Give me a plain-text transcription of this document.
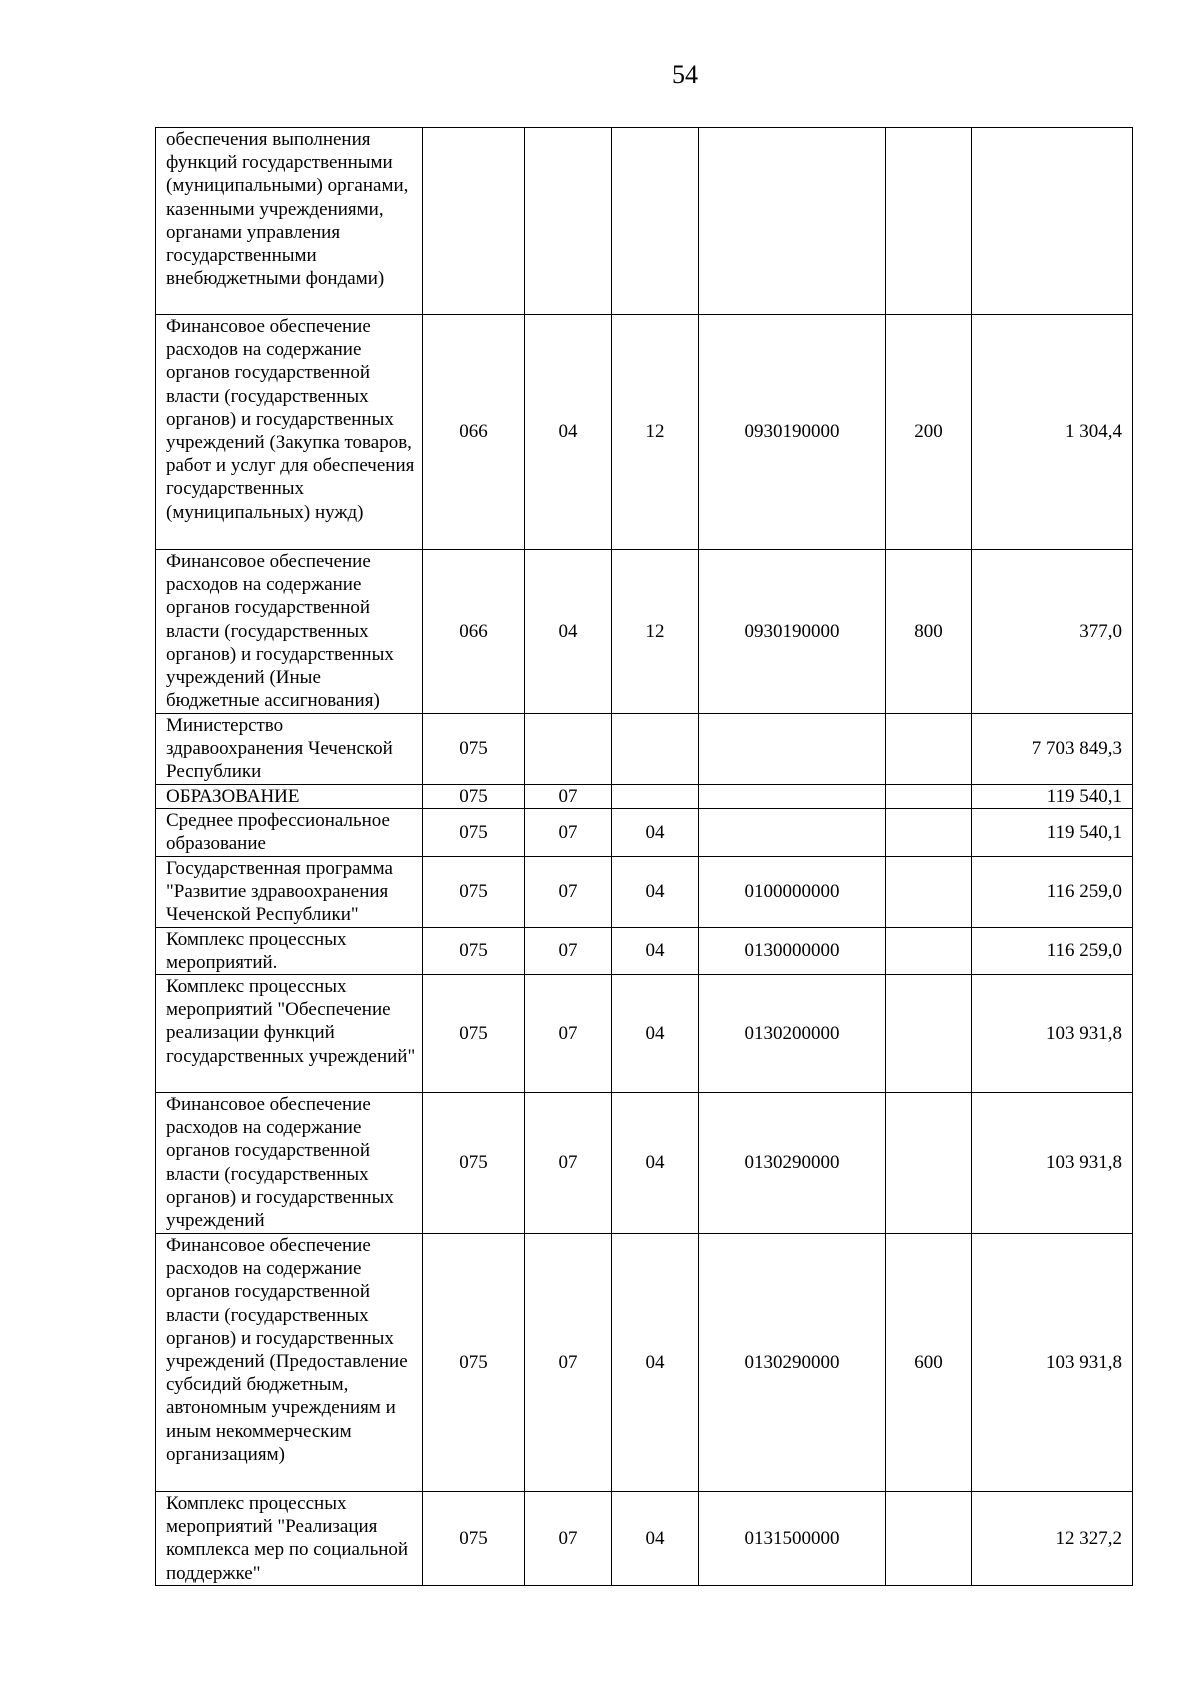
54
обеспечения выполнения функций государственными (муниципальными) органами, казенными учреждениями, органами управления государственными внебюджетными фондами)						
Финансовое обеспечение расходов на содержание органов государственной власти (государственных органов) и государственных учреждений (Закупка товаров, работ и услуг для обеспечения государственных (муниципальных) нужд)	066	04	12	0930190000	200	1 304,4
Финансовое обеспечение расходов на содержание органов государственной власти (государственных органов) и государственных учреждений (Иные бюджетные ассигнования)	066	04	12	0930190000	800	377,0
Министерство здравоохранения Чеченской Республики	075					7 703 849,3
ОБРАЗОВАНИЕ	075	07				119 540,1
Среднее профессиональное образование	075	07	04			119 540,1
Государственная программа "Развитие здравоохранения Чеченской Республики"	075	07	04	0100000000		116 259,0
Комплекс процессных мероприятий.	075	07	04	0130000000		116 259,0
Комплекс процессных мероприятий "Обеспечение реализации функций государственных учреждений"	075	07	04	0130200000		103 931,8
Финансовое обеспечение расходов на содержание органов государственной власти (государственных органов) и государственных учреждений	075	07	04	0130290000		103 931,8
Финансовое обеспечение расходов на содержание органов государственной власти (государственных органов) и государственных учреждений (Предоставление субсидий бюджетным, автономным учреждениям и иным некоммерческим организациям)	075	07	04	0130290000	600	103 931,8
Комплекс процессных мероприятий "Реализация комплекса мер по социальной поддержке"	075	07	04	0131500000		12 327,2
